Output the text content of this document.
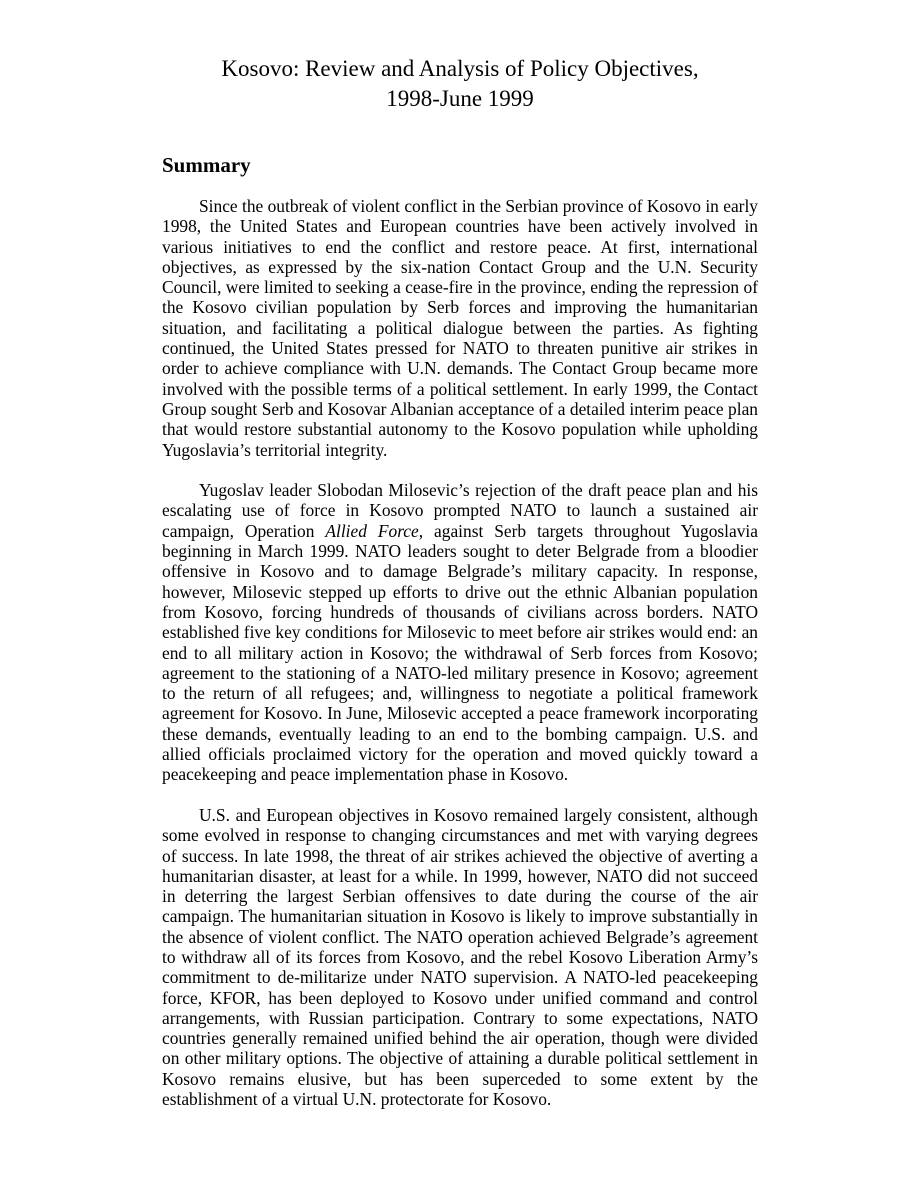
Kosovo: Review and Analysis of Policy Objectives,
1998-June 1999
Summary

Since the outbreak of violent conflict in the Serbian province of Kosovo in early 1998, the United States and European countries have been actively involved in various initiatives to end the conflict and restore peace. At first, international objectives, as expressed by the six-nation Contact Group and the U.N. Security Council, were limited to seeking a cease-fire in the province, ending the repression of the Kosovo civilian population by Serb forces and improving the humanitarian situation, and facilitating a political dialogue between the parties. As fighting continued, the United States pressed for NATO to threaten punitive air strikes in order to achieve compliance with U.N. demands. The Contact Group became more involved with the possible terms of a political settlement. In early 1999, the Contact Group sought Serb and Kosovar Albanian acceptance of a detailed interim peace plan that would restore substantial autonomy to the Kosovo population while upholding Yugoslavia’s territorial integrity.

Yugoslav leader Slobodan Milosevic’s rejection of the draft peace plan and his escalating use of force in Kosovo prompted NATO to launch a sustained air campaign, Operation Allied Force, against Serb targets throughout Yugoslavia beginning in March 1999. NATO leaders sought to deter Belgrade from a bloodier offensive in Kosovo and to damage Belgrade’s military capacity. In response, however, Milosevic stepped up efforts to drive out the ethnic Albanian population from Kosovo, forcing hundreds of thousands of civilians across borders. NATO established five key conditions for Milosevic to meet before air strikes would end: an end to all military action in Kosovo; the withdrawal of Serb forces from Kosovo; agreement to the stationing of a NATO-led military presence in Kosovo; agreement to the return of all refugees; and, willingness to negotiate a political framework agreement for Kosovo. In June, Milosevic accepted a peace framework incorporating these demands, eventually leading to an end to the bombing campaign. U.S. and allied officials proclaimed victory for the operation and moved quickly toward a peacekeeping and peace implementation phase in Kosovo.

U.S. and European objectives in Kosovo remained largely consistent, although some evolved in response to changing circumstances and met with varying degrees of success. In late 1998, the threat of air strikes achieved the objective of averting a humanitarian disaster, at least for a while. In 1999, however, NATO did not succeed in deterring the largest Serbian offensives to date during the course of the air campaign. The humanitarian situation in Kosovo is likely to improve substantially in the absence of violent conflict. The NATO operation achieved Belgrade’s agreement to withdraw all of its forces from Kosovo, and the rebel Kosovo Liberation Army’s commitment to de-militarize under NATO supervision. A NATO-led peacekeeping force, KFOR, has been deployed to Kosovo under unified command and control arrangements, with Russian participation. Contrary to some expectations, NATO countries generally remained unified behind the air operation, though were divided on other military options. The objective of attaining a durable political settlement in Kosovo remains elusive, but has been superceded to some extent by the establishment of a virtual U.N. protectorate for Kosovo.
